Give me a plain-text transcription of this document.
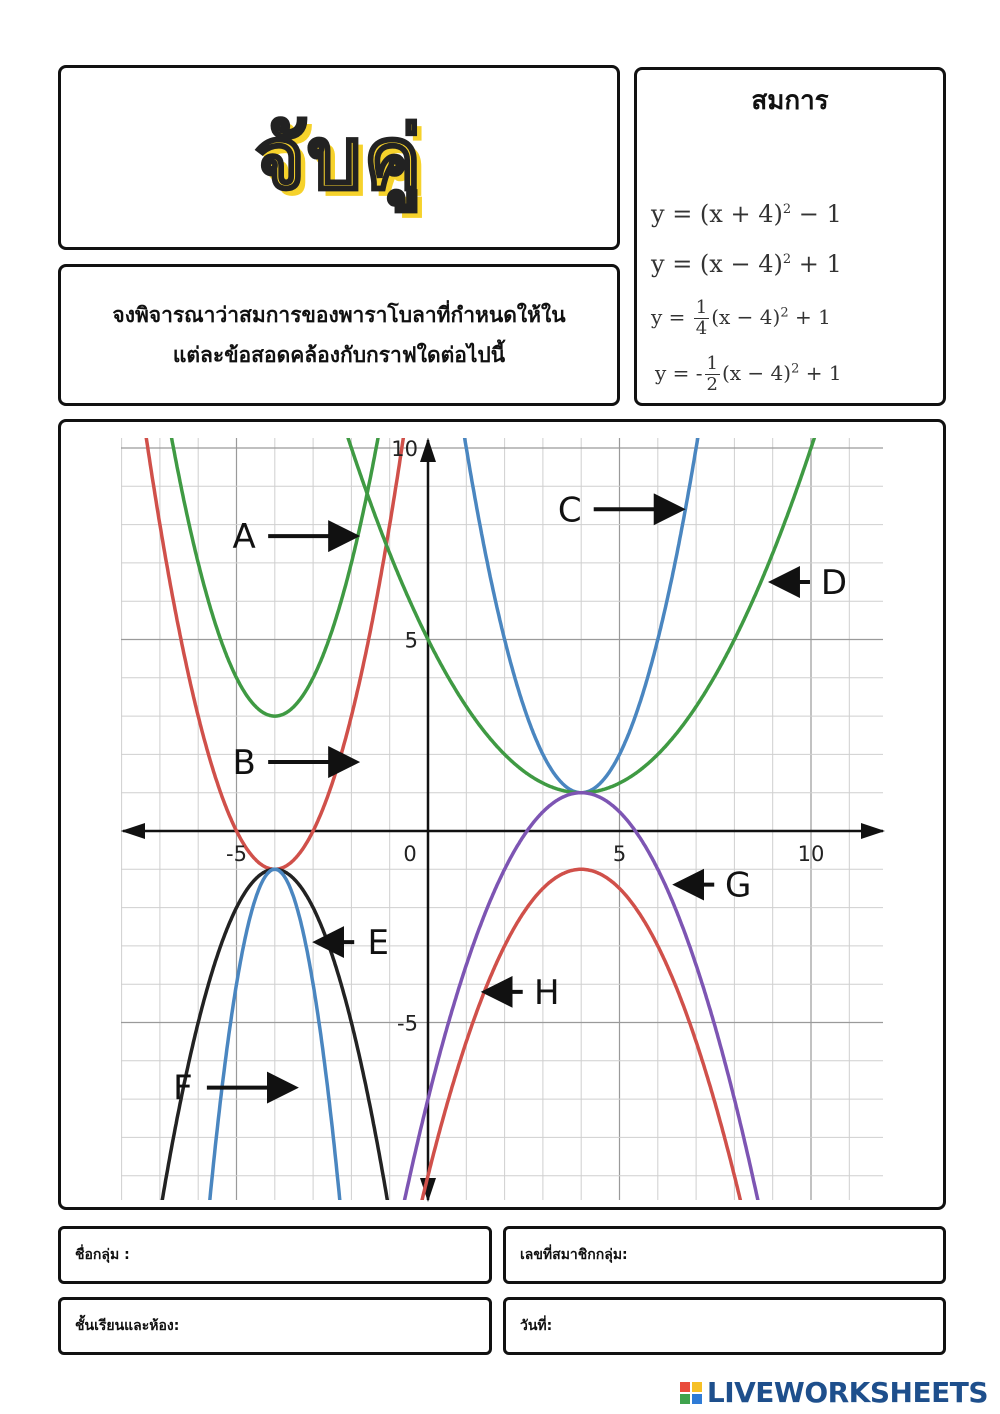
จับคู่
จงพิจารณาว่าสมการของพาราโบลาที่กำหนดให้ใน
แต่ละข้อสอดคล้องกับกราฟใดต่อไปนี้
สมการ
$y = (x + 4)^2 - 1$
$y = (x - 4)^2 + 1$
$y = \frac{1}{4} (x - 4)^2 + 1$
y = - $\frac{1}{2} (x - 4)^2 + 1$
-5	0	5	10
10
5
-5
A
B
C
D
E
F
G
H
ชื่อกลุ่ม :	เลขที่สมาชิกกลุ่ม:
ชั้นเรียนและห้อง:	วันที่:
LIVEWORKSHEETS
